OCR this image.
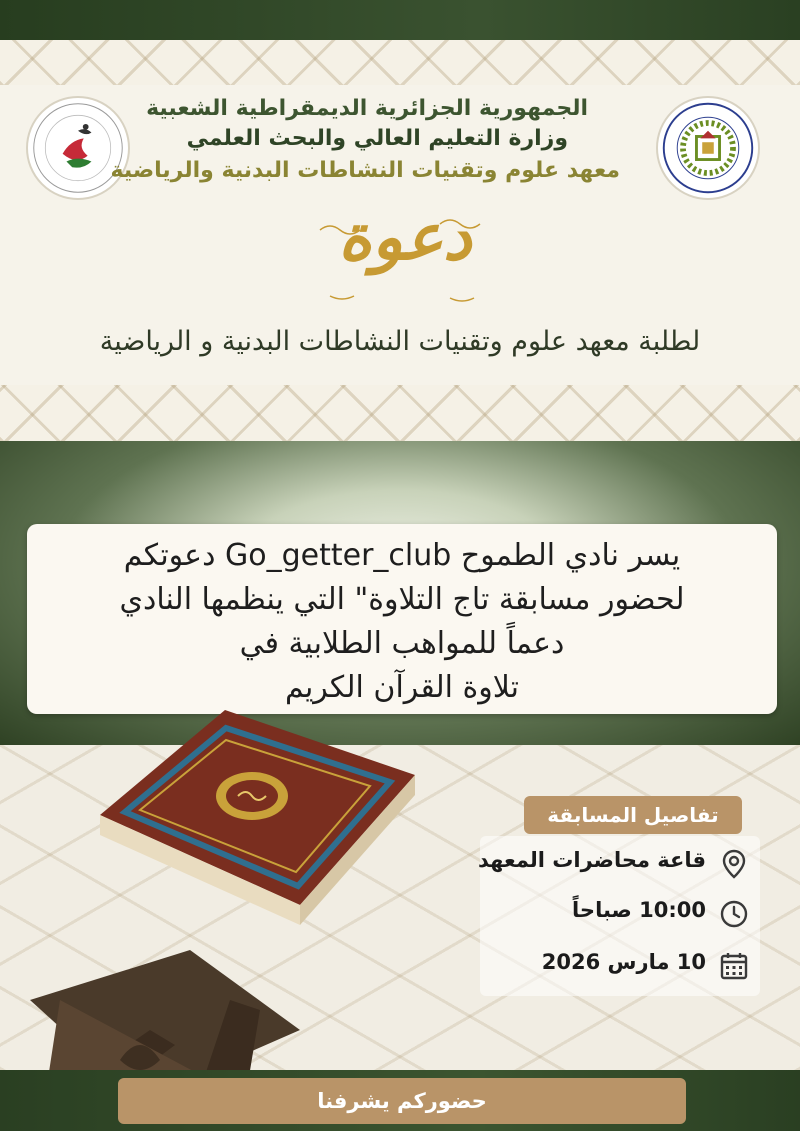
الجمهورية الجزائرية الديمقراطية الشعبية
وزارة التعليم العالي والبحث العلمي
معهد علوم وتقنيات النشاطات البدنية والرياضية
دعوة
لطلبة معهد علوم وتقنيات النشاطات البدنية و الرياضية
يسر نادي الطموح Go_getter_club دعوتكم
لحضور مسابقة تاج التلاوة" التي ينظمها النادي
دعماً للمواهب الطلابية في
تلاوة القرآن الكريم
تفاصيل المسابقة
قاعة محاضرات المعهد
10:00 صباحاً
10 مارس 2026
حضوركم يشرفنا
